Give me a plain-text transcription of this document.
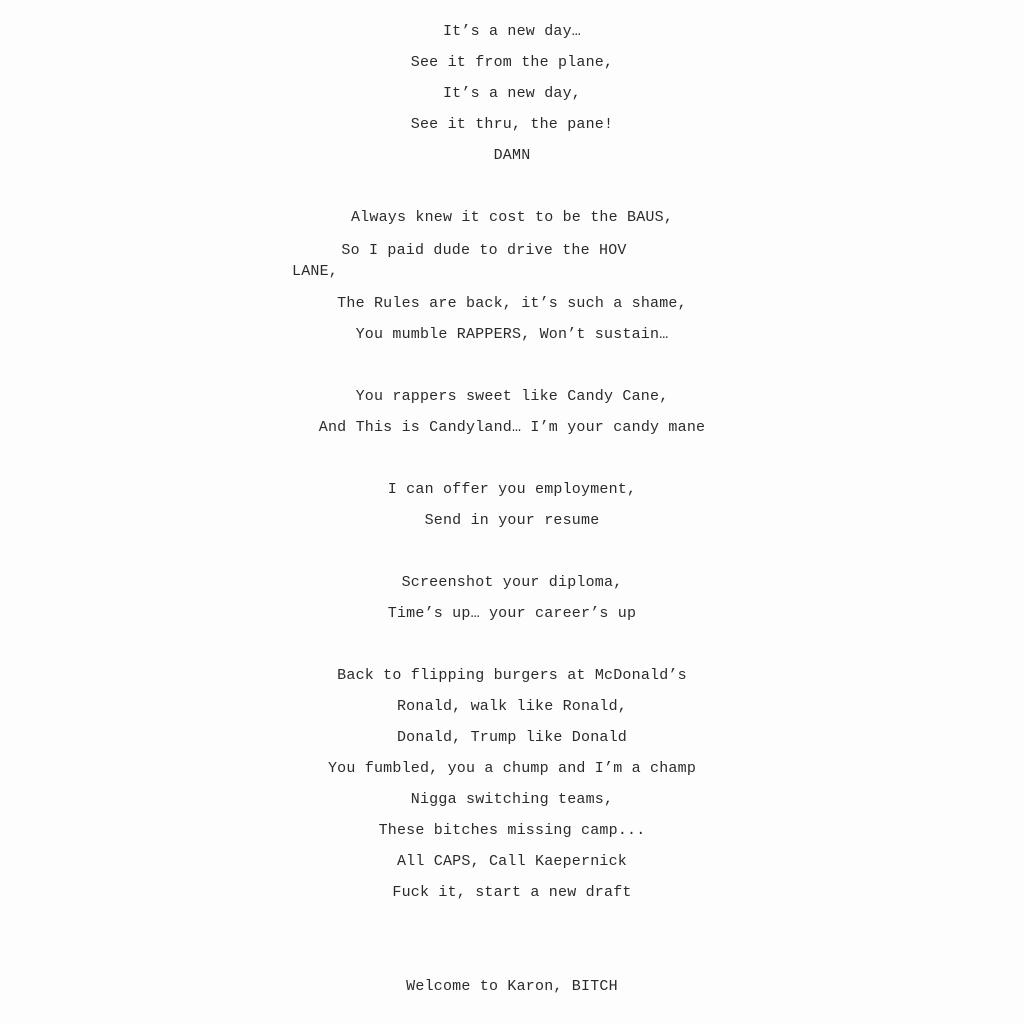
It’s a new day…
See it from the plane,
It’s a new day,
See it thru, the pane!
DAMN
Always knew it cost to be the BAUS,
So I paid dude to drive the HOV
LANE,
The Rules are back, it’s such a shame,
You mumble RAPPERS, Won’t sustain…
You rappers sweet like Candy Cane,
And This is Candyland… I’m your candy mane
I can offer you employment,
Send in your resume
Screenshot your diploma,
Time’s up… your career’s up
Back to flipping burgers at McDonald’s
Ronald, walk like Ronald,
Donald, Trump like Donald
You fumbled, you a chump and I’m a champ
Nigga switching teams,
These bitches missing camp...
All CAPS, Call Kaepernick
Fuck it, start a new draft
Welcome to Karon, BITCH
